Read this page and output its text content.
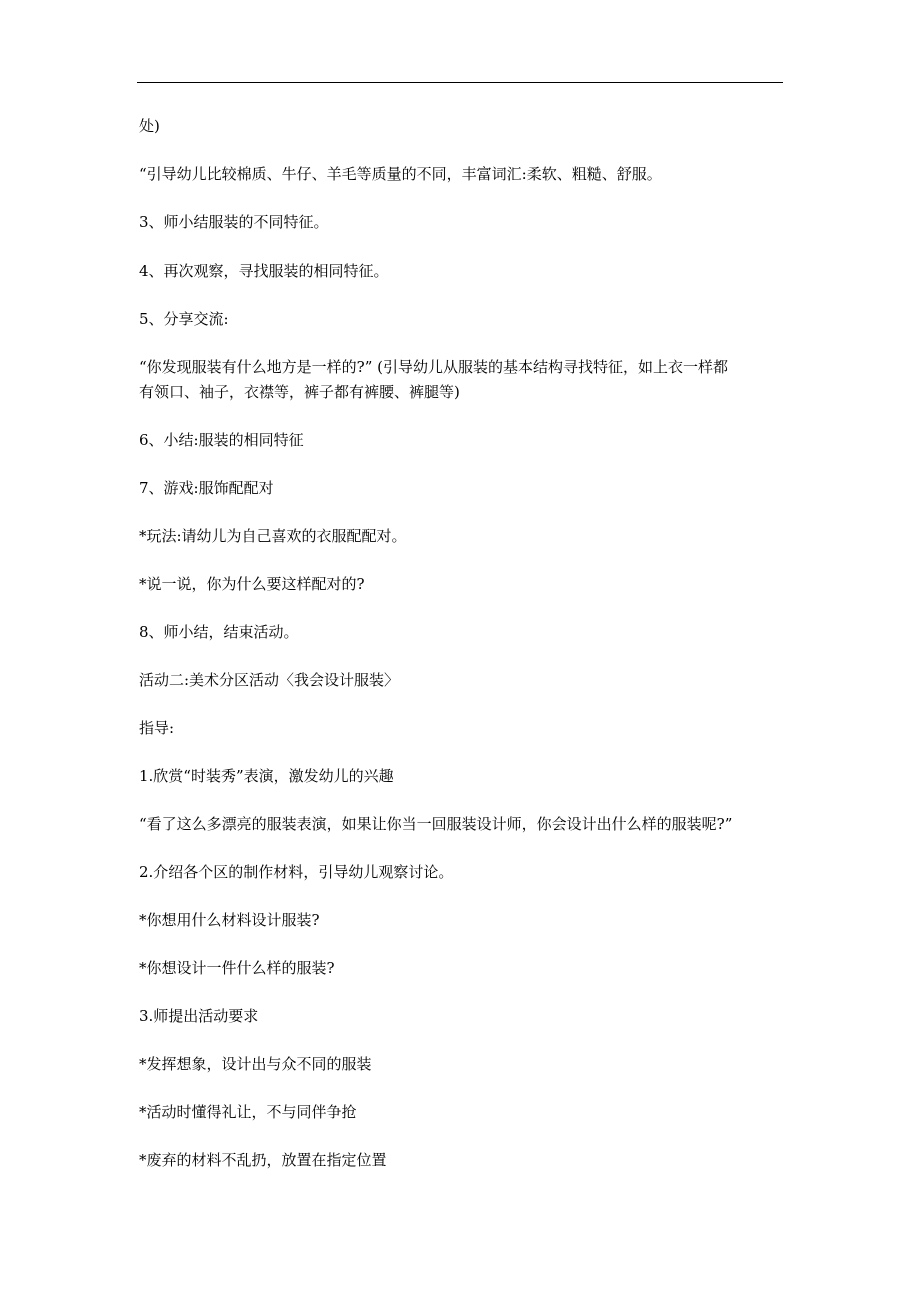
处)

“引导幼儿比较棉质、牛仔、羊毛等质量的不同，丰富词汇:柔软、粗糙、舒服。

3、师小结服装的不同特征。

4、再次观察，寻找服装的相同特征。

5、分享交流:

“你发现服装有什么地方是一样的?” (引导幼儿从服装的基本结构寻找特征，如上衣一样都

有领口、袖子，衣襟等，裤子都有裤腰、裤腿等)

6、小结:服装的相同特征

7、游戏:服饰配配对

*玩法:请幼儿为自己喜欢的衣服配配对。

*说一说，你为什么要这样配对的?

8、师小结，结束活动。

活动二:美术分区活动〈我会设计服装〉

指导:

1.欣赏“时装秀”表演，激发幼儿的兴趣

“看了这么多漂亮的服装表演，如果让你当一回服装设计师，你会设计出什么样的服装呢?”

2.介绍各个区的制作材料，引导幼儿观察讨论。

*你想用什么材料设计服装?

*你想设计一件什么样的服装?

3.师提出活动要求

*发挥想象，设计出与众不同的服装

*活动时懂得礼让，不与同伴争抢

*废弃的材料不乱扔，放置在指定位置
